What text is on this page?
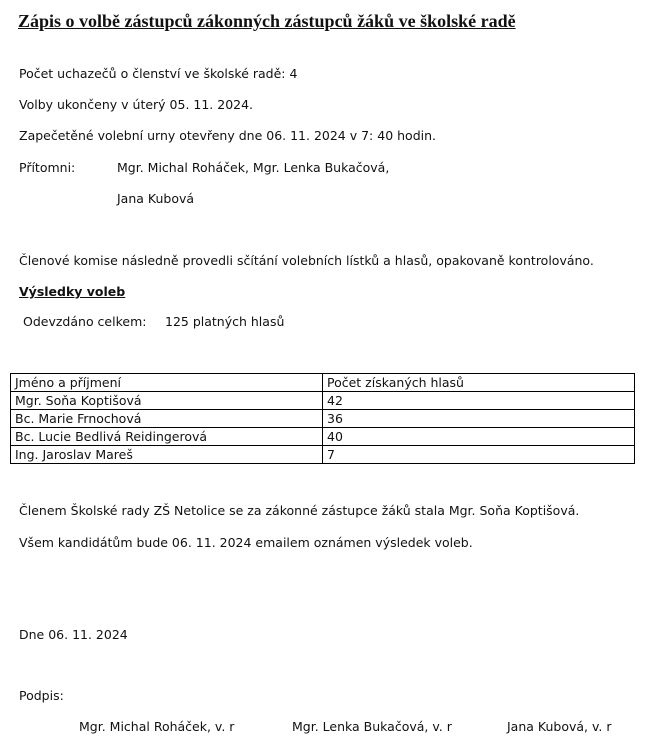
Zápis o volbě zástupců zákonných zástupců žáků ve školské radě
Počet uchazečů o členství ve školské radě: 4
Volby ukončeny v úterý 05. 11. 2024.
Zapečetěné volební urny otevřeny dne 06. 11. 2024 v 7: 40 hodin.
Přítomni:	Mgr. Michal Roháček, Mgr. Lenka Bukačová,
Jana Kubová
Členové komise následně provedli sčítání volebních lístků a hlasů, opakovaně kontrolováno.
Výsledky voleb
Odevzdáno celkem: 125 platných hlasů
Jméno a příjmení	Počet získaných hlasů
Mgr. Soňa Koptišová	42
Bc. Marie Frnochová	36
Bc. Lucie Bedlivá Reidingerová	40
Ing. Jaroslav Mareš	7
Členem Školské rady ZŠ Netolice se za zákonné zástupce žáků stala Mgr. Soňa Koptišová.
Všem kandidátům bude 06. 11. 2024 emailem oznámen výsledek voleb.
Dne 06. 11. 2024
Podpis:
Mgr. Michal Roháček, v. r	Mgr. Lenka Bukačová, v. r	Jana Kubová, v. r
